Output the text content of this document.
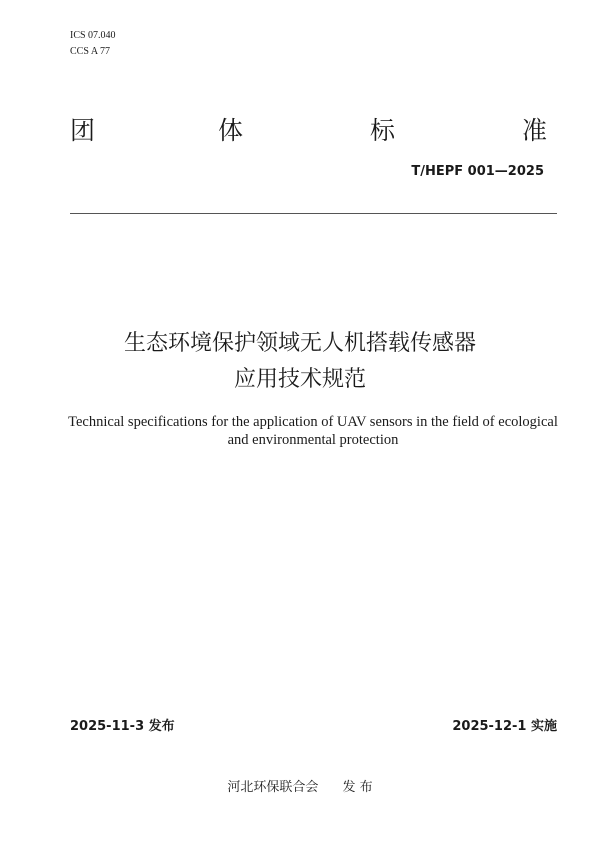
ICS 07.040
CCS A 77
团	体	标	准
T/HEPF 001—2025
生态环境保护领域无人机搭载传感器
应用技术规范
Technical specifications for the application of UAV sensors in the field of ecological
and environmental protection
2025-11-3 发布	2025-12-1 实施
河北环保联合会 发 布
